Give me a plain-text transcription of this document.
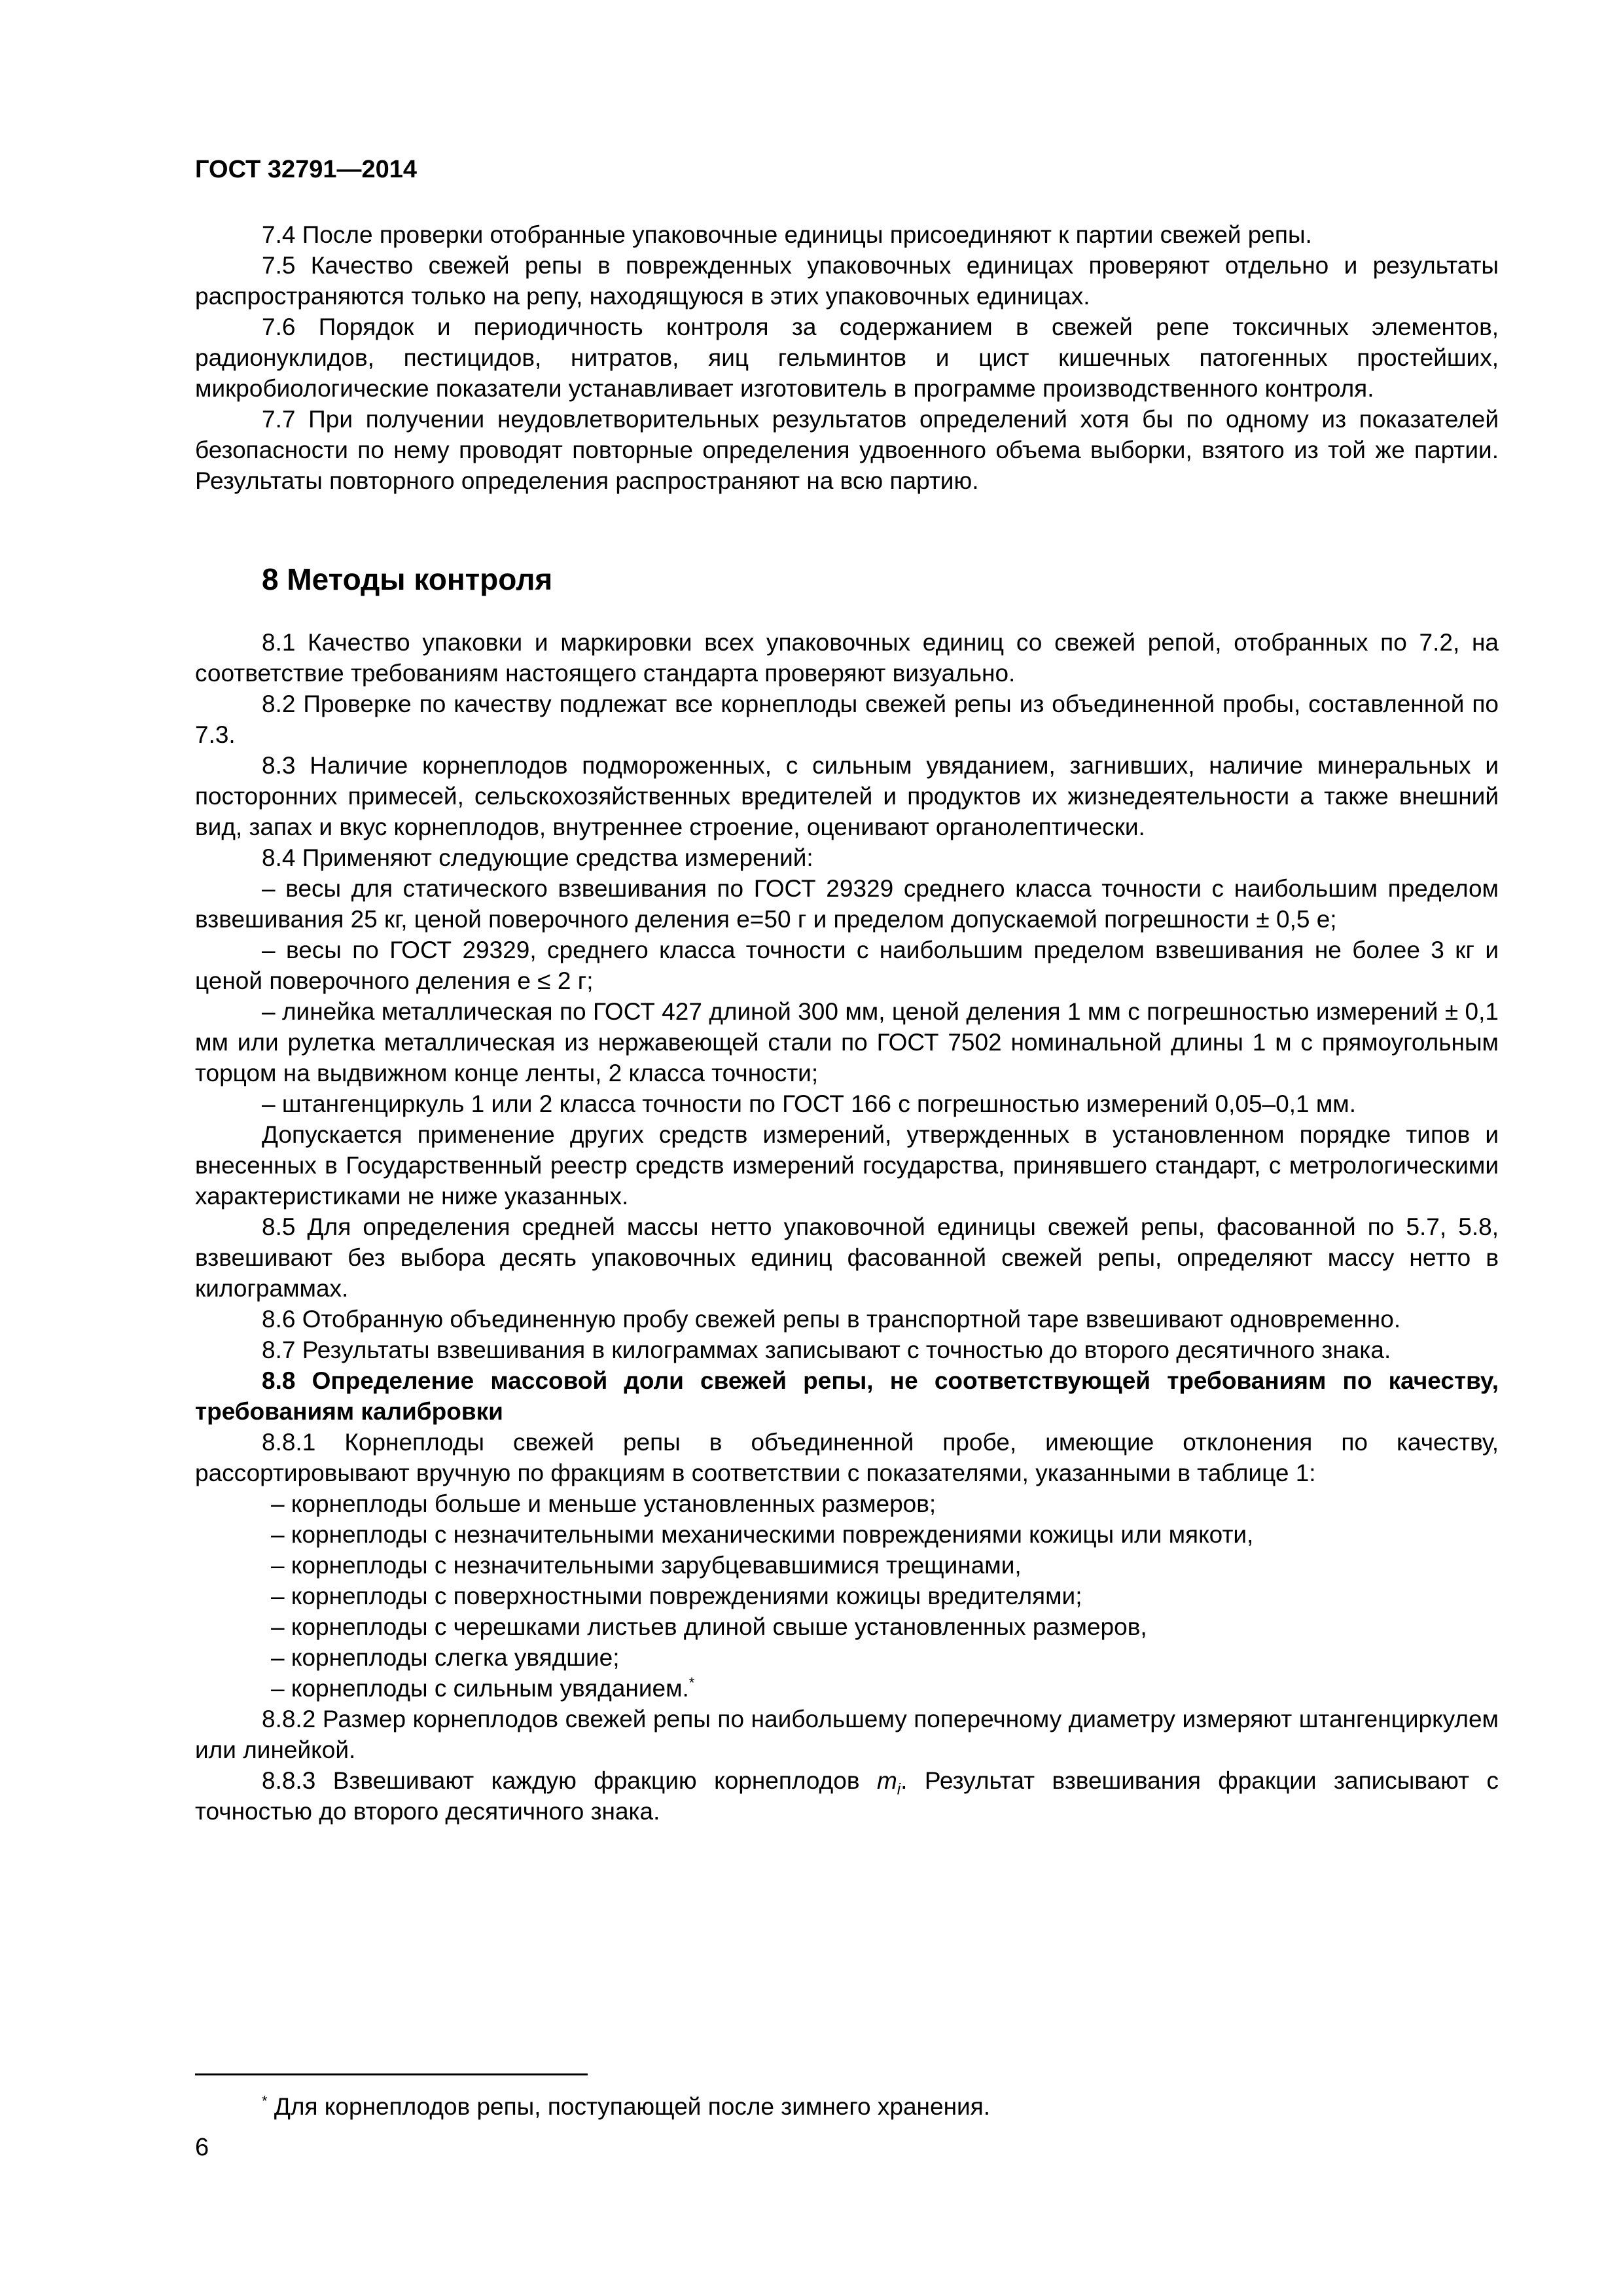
ГОСТ 32791—2014

7.4 После проверки отобранные упаковочные единицы присоединяют к партии свежей репы.

7.5 Качество свежей репы в поврежденных упаковочных единицах проверяют отдельно и результаты распространяются только на репу, находящуюся в этих упаковочных единицах.

7.6 Порядок и периодичность контроля за содержанием в свежей репе токсичных элементов, радионуклидов, пестицидов, нитратов, яиц гельминтов и цист кишечных патогенных простейших, микробиологические показатели устанавливает изготовитель в программе производственного контроля.

7.7 При получении неудовлетворительных результатов определений хотя бы по одному из показателей безопасности по нему проводят повторные определения удвоенного объема выборки, взятого из той же партии. Результаты повторного определения распространяют на всю партию.

8 Методы контроля

8.1 Качество упаковки и маркировки всех упаковочных единиц со свежей репой, отобранных по 7.2, на соответствие требованиям настоящего стандарта проверяют визуально.

8.2 Проверке по качеству подлежат все корнеплоды свежей репы из объединенной пробы, составленной по 7.3.

8.3 Наличие корнеплодов подмороженных, с сильным увяданием, загнивших, наличие минеральных и посторонних примесей, сельскохозяйственных вредителей и продуктов их жизнедеятельности а также внешний вид, запах и вкус корнеплодов, внутреннее строение, оценивают органолептически.

8.4 Применяют следующие средства измерений:

– весы для статического взвешивания по ГОСТ 29329 среднего класса точности с наибольшим пределом взвешивания 25 кг, ценой поверочного деления е=50 г и пределом допускаемой погрешности ± 0,5 е;

– весы по ГОСТ 29329, среднего класса точности с наибольшим пределом взвешивания не более 3 кг и ценой поверочного деления е ≤ 2 г;

– линейка металлическая по ГОСТ 427 длиной 300 мм, ценой деления 1 мм с погрешностью измерений ± 0,1 мм или рулетка металлическая из нержавеющей стали по ГОСТ 7502 номинальной длины 1 м с прямоугольным торцом на выдвижном конце ленты, 2 класса точности;

– штангенциркуль 1 или 2 класса точности по ГОСТ 166 с погрешностью измерений 0,05–0,1 мм.

Допускается применение других средств измерений, утвержденных в установленном порядке типов и внесенных в Государственный реестр средств измерений государства, принявшего стандарт, с метрологическими характеристиками не ниже указанных.

8.5 Для определения средней массы нетто упаковочной единицы свежей репы, фасованной по 5.7, 5.8, взвешивают без выбора десять упаковочных единиц фасованной свежей репы, определяют массу нетто в килограммах.

8.6 Отобранную объединенную пробу свежей репы в транспортной таре взвешивают одновременно.

8.7 Результаты взвешивания в килограммах записывают с точностью до второго десятичного знака.

8.8 Определение массовой доли свежей репы, не соответствующей требованиям по качеству, требованиям калибровки

8.8.1 Корнеплоды свежей репы в объединенной пробе, имеющие отклонения по качеству, рассортировывают вручную по фракциям в соответствии с показателями, указанными в таблице 1:

– корнеплоды больше и меньше установленных размеров;

– корнеплоды с незначительными механическими повреждениями кожицы или мякоти,

– корнеплоды с незначительными зарубцевавшимися трещинами,

– корнеплоды с поверхностными повреждениями кожицы вредителями;

– корнеплоды с черешками листьев длиной свыше установленных размеров,

– корнеплоды слегка увядшие;

– корнеплоды с сильным увяданием.*

8.8.2 Размер корнеплодов свежей репы по наибольшему поперечному диаметру измеряют штангенциркулем или линейкой.

8.8.3 Взвешивают каждую фракцию корнеплодов $m_i$. Результат взвешивания фракции записывают с точностью до второго десятичного знака.

* Для корнеплодов репы, поступающей после зимнего хранения.

6
